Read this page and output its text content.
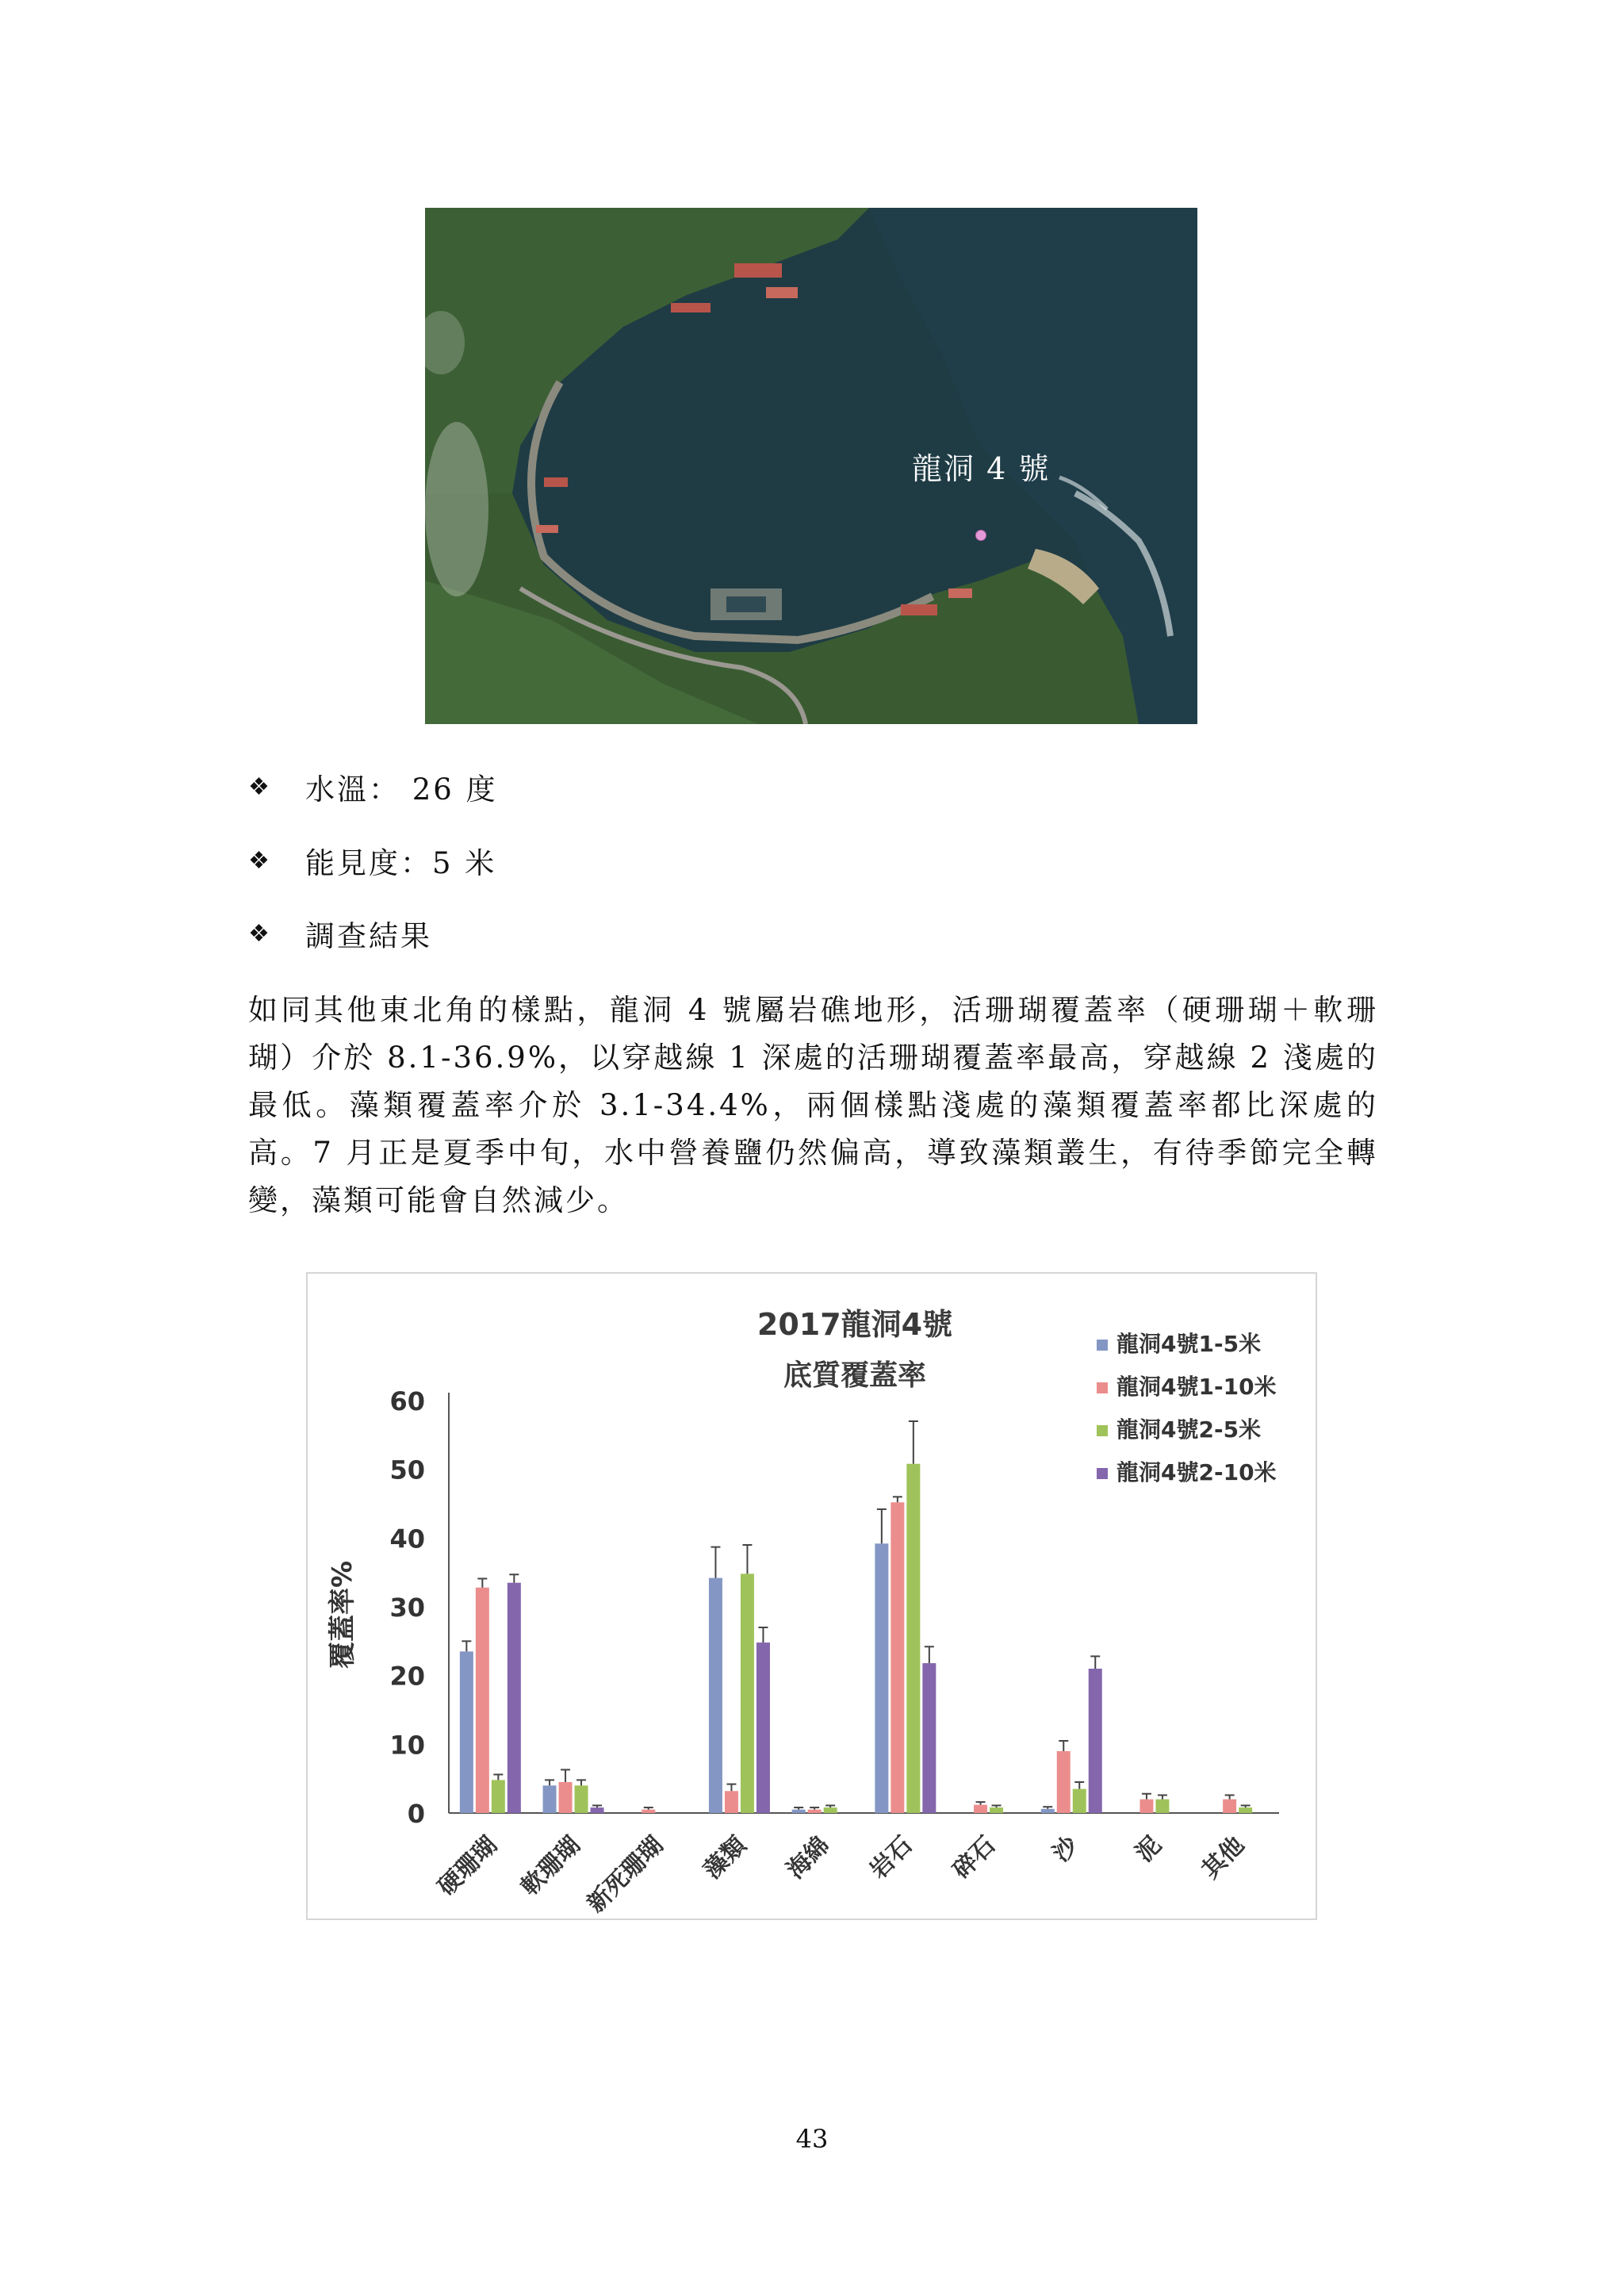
龍洞 4 號
❖	水溫： 26 度
❖	能見度：5 米
❖	調查結果
如同其他東北角的樣點，龍洞 4 號屬岩礁地形，活珊瑚覆蓋率（硬珊瑚＋軟珊瑚）介於 8.1-36.9%，以穿越線 1 深處的活珊瑚覆蓋率最高，穿越線 2 淺處的最低。藻類覆蓋率介於 3.1-34.4%，兩個樣點淺處的藻類覆蓋率都比深處的高。7 月正是夏季中旬，水中營養鹽仍然偏高，導致藻類叢生，有待季節完全轉變，藻類可能會自然減少。
2017龍洞4號
底質覆蓋率
覆蓋率%
0
10
20
30
40
50
60
硬珊瑚 軟珊瑚
新死珊瑚 藻類 海綿 岩石 碎石 沙 泥 其他
龍洞4號1-5米
龍洞4號1-10米
龍洞4號2-5米
龍洞4號2-10米
43
